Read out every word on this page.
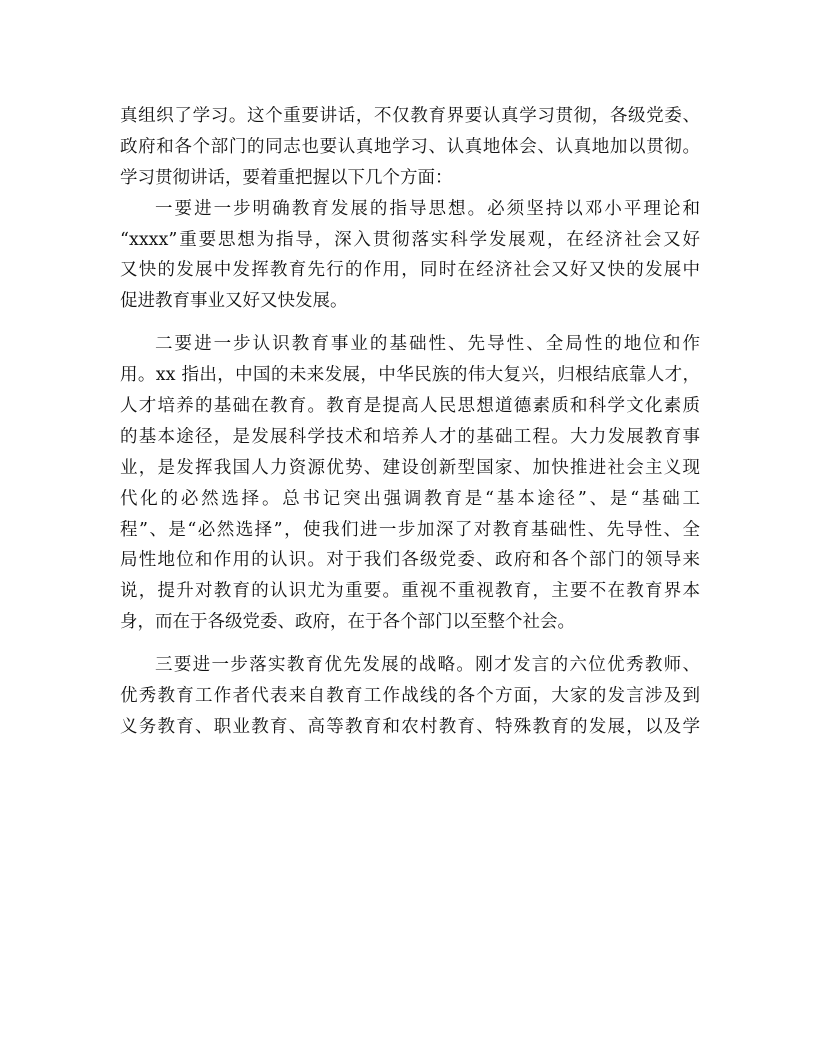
真组织了学习。这个重要讲话，不仅教育界要认真学习贯彻，各级党委、
政府和各个部门的同志也要认真地学习、认真地体会、认真地加以贯彻。
学习贯彻讲话，要着重把握以下几个方面：
一要进一步明确教育发展的指导思想。必须坚持以邓小平理论和
“xxxx”重要思想为指导，深入贯彻落实科学发展观，在经济社会又好
又快的发展中发挥教育先行的作用，同时在经济社会又好又快的发展中
促进教育事业又好又快发展。
二要进一步认识教育事业的基础性、先导性、全局性的地位和作
用。xx 指出，中国的未来发展，中华民族的伟大复兴，归根结底靠人才，
人才培养的基础在教育。教育是提高人民思想道德素质和科学文化素质
的基本途径，是发展科学技术和培养人才的基础工程。大力发展教育事
业，是发挥我国人力资源优势、建设创新型国家、加快推进社会主义现
代化的必然选择。总书记突出强调教育是“基本途径”、是“基础工
程”、是“必然选择”，使我们进一步加深了对教育基础性、先导性、全
局性地位和作用的认识。对于我们各级党委、政府和各个部门的领导来
说，提升对教育的认识尤为重要。重视不重视教育，主要不在教育界本
身，而在于各级党委、政府，在于各个部门以至整个社会。
三要进一步落实教育优先发展的战略。刚才发言的六位优秀教师、
优秀教育工作者代表来自教育工作战线的各个方面，大家的发言涉及到
义务教育、职业教育、高等教育和农村教育、特殊教育的发展，以及学
